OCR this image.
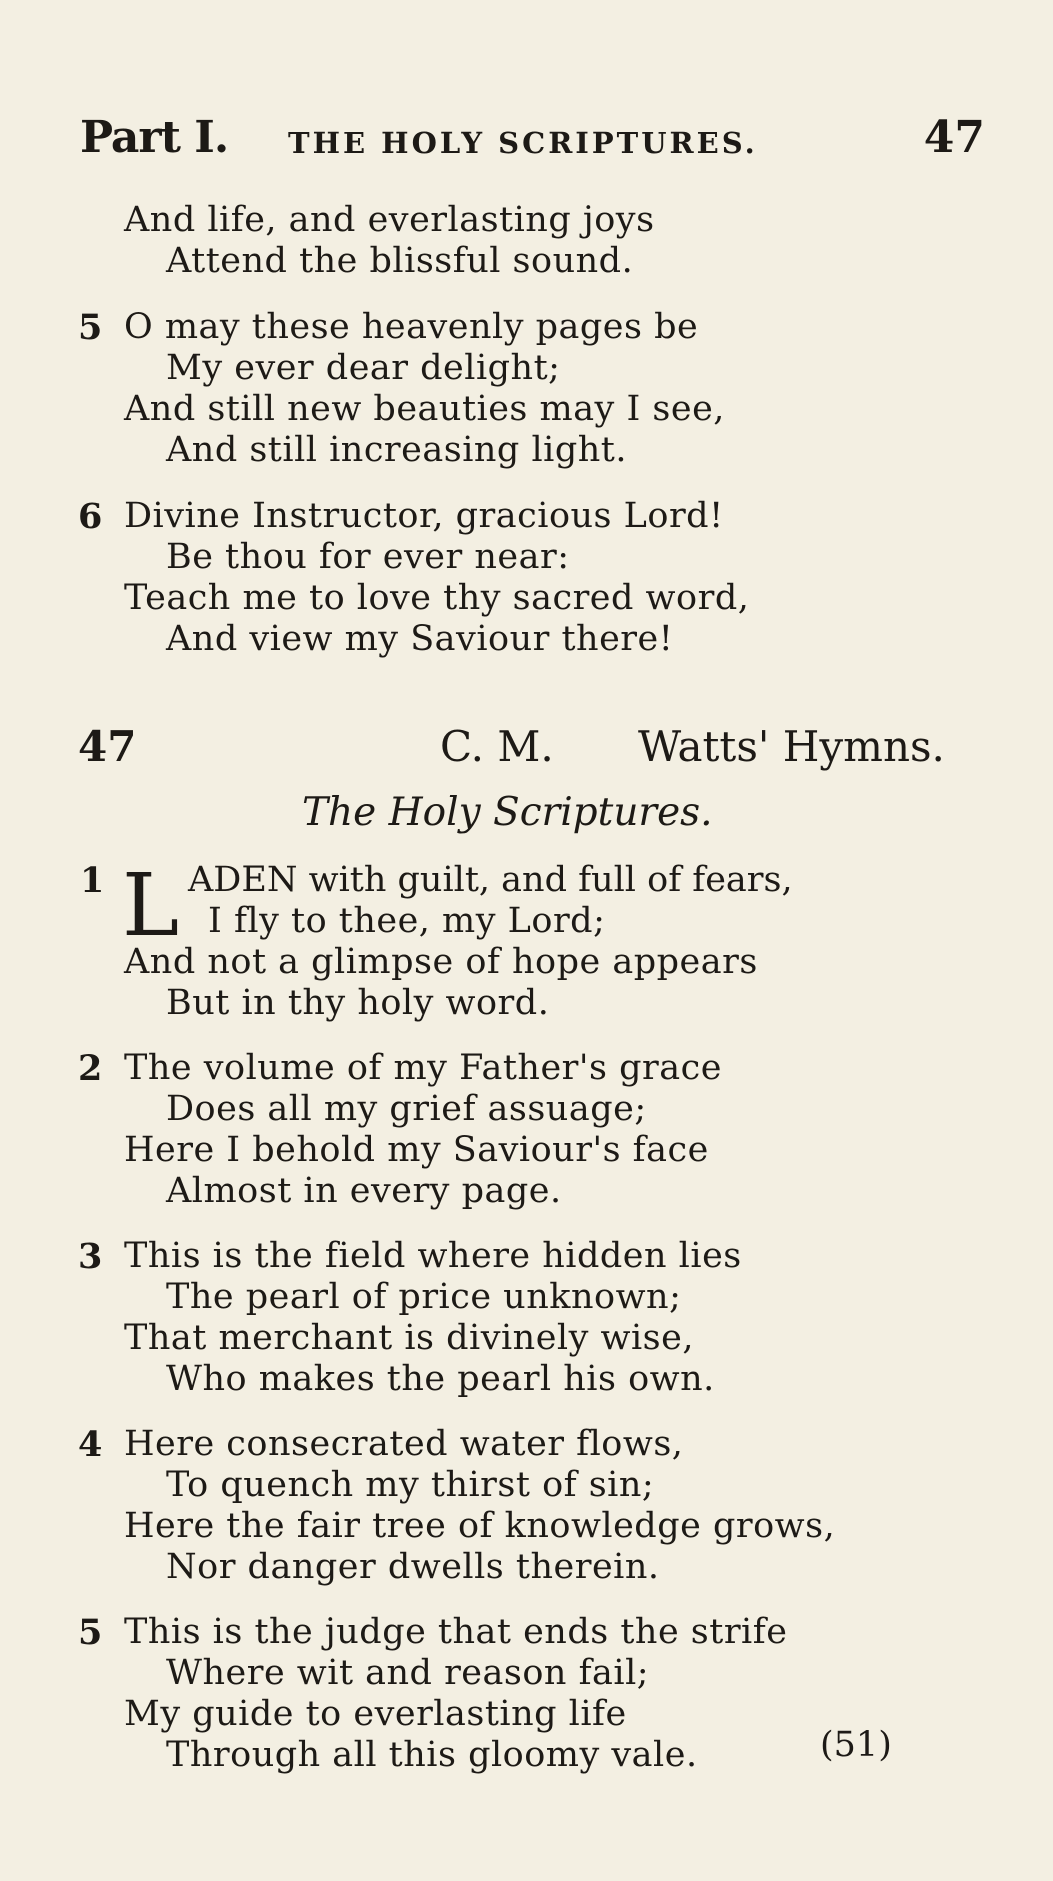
Part I. THE HOLY SCRIPTURES.	47
And life, and everlasting joys
Attend the blissful sound.
5 O may these heavenly pages be
My ever dear delight;
And still new beauties may I see,
And still increasing light.
6 Divine Instructor, gracious Lord!
Be thou for ever near:
Teach me to love thy sacred word,
And view my Saviour there!
47	C. M. Watts' Hymns.
The Holy Scriptures.
1 L ADEN with guilt, and full of fears,
I fly to thee, my Lord;
And not a glimpse of hope appears
But in thy holy word.
2 The volume of my Father's grace
Does all my grief assuage;
Here I behold my Saviour's face
Almost in every page.
3 This is the field where hidden lies
The pearl of price unknown;
That merchant is divinely wise,
Who makes the pearl his own.
4 Here consecrated water flows,
To quench my thirst of sin;
Here the fair tree of knowledge grows,
Nor danger dwells therein.
5 This is the judge that ends the strife
Where wit and reason fail;
My guide to everlasting life
Through all this gloomy vale.	(51)
